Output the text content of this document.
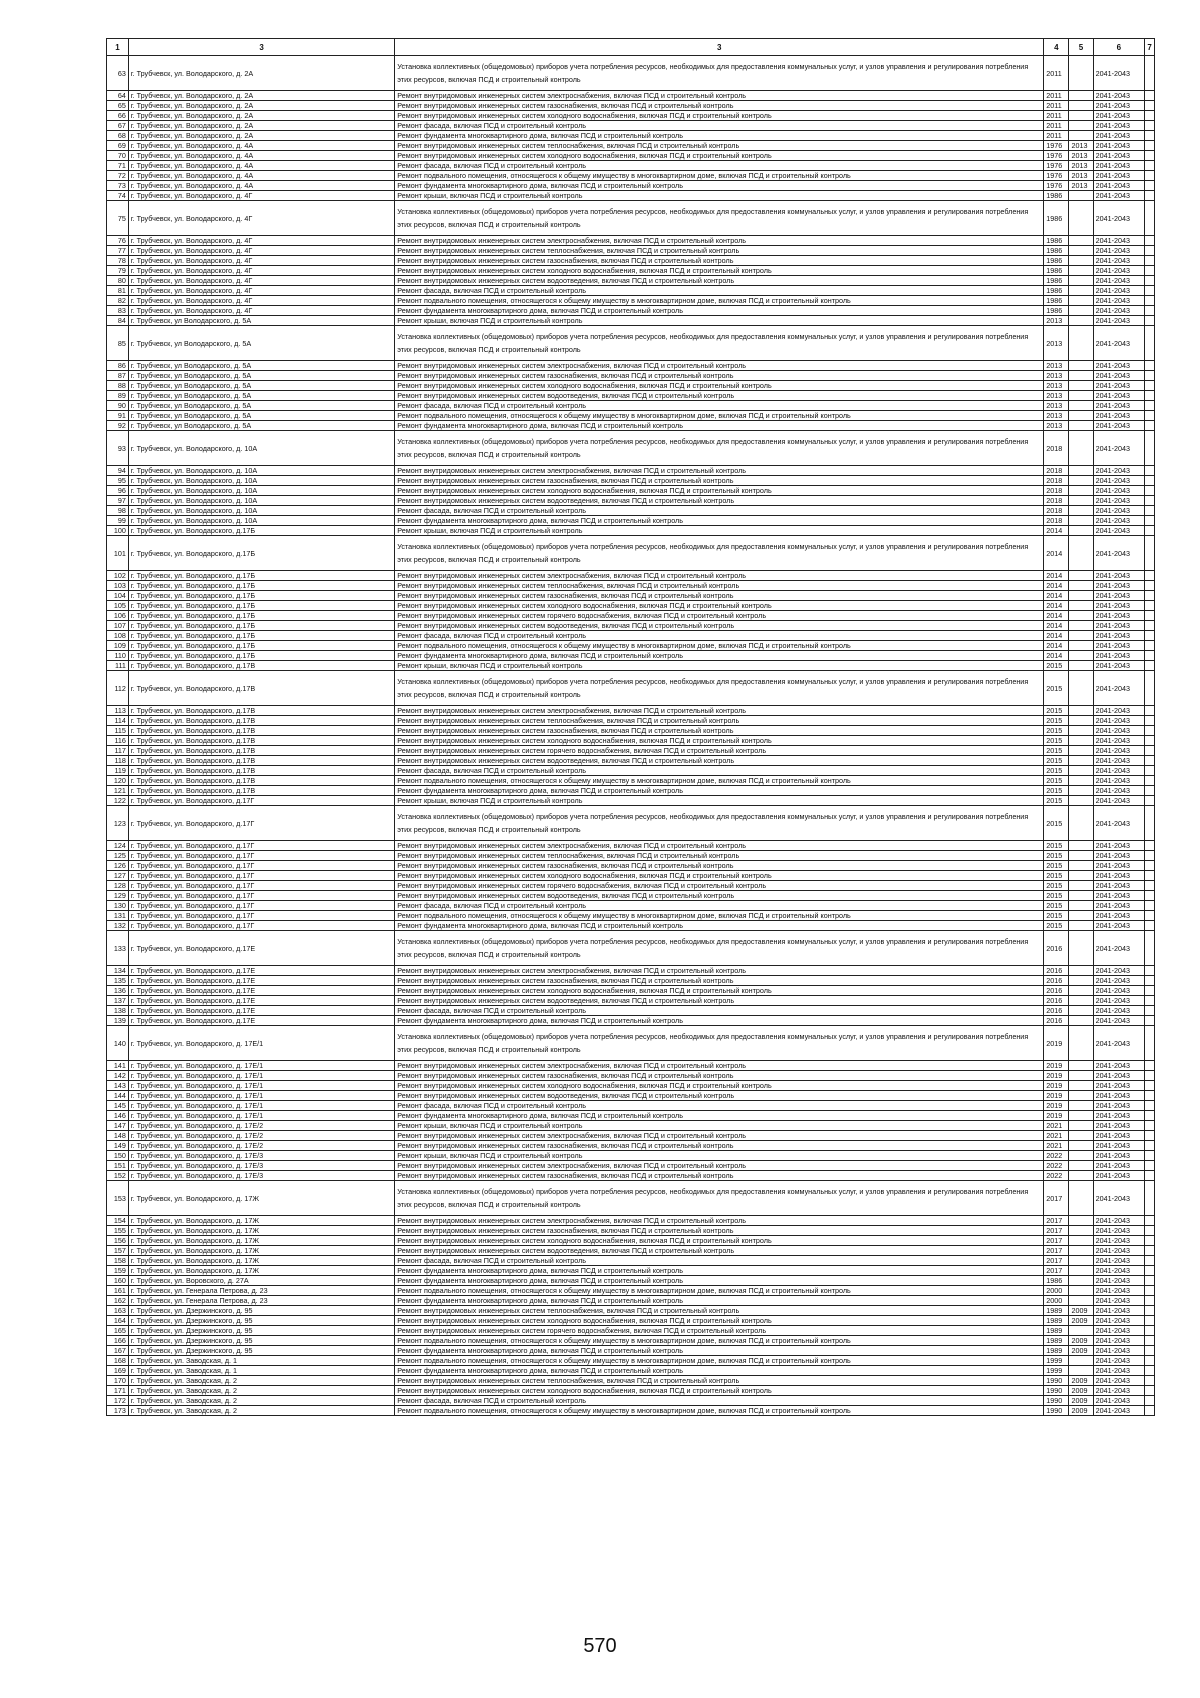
1	3	3	4	5	6	7
63	г. Трубчевск, ул. Володарского, д. 2А	Установка коллективных (общедомовых) приборов учета потребления ресурсов, необходимых для предоставления коммунальных услуг, и узлов управления и регулирования потребления этих ресурсов, включая ПСД и строительный контроль	2011		2041-2043	
64	г. Трубчевск, ул. Володарского, д. 2А	Ремонт внутридомовых инженерных систем электроснабжения, включая ПСД и строительный контроль	2011		2041-2043	
65	г. Трубчевск, ул. Володарского, д. 2А	Ремонт внутридомовых инженерных систем газоснабжения, включая ПСД и строительный контроль	2011		2041-2043	
66	г. Трубчевск, ул. Володарского, д. 2А	Ремонт внутридомовых инженерных систем холодного водоснабжения, включая ПСД и строительный контроль	2011		2041-2043	
67	г. Трубчевск, ул. Володарского, д. 2А	Ремонт фасада, включая ПСД и строительный контроль	2011		2041-2043	
68	г. Трубчевск, ул. Володарского, д. 2А	Ремонт фундамента многоквартирного дома, включая ПСД и строительный контроль	2011		2041-2043	
69	г. Трубчевск, ул. Володарского, д. 4А	Ремонт внутридомовых инженерных систем теплоснабжения, включая ПСД и строительный контроль	1976	2013	2041-2043	
70	г. Трубчевск, ул. Володарского, д. 4А	Ремонт внутридомовых инженерных систем холодного водоснабжения, включая ПСД и строительный контроль	1976	2013	2041-2043	
71	г. Трубчевск, ул. Володарского, д. 4А	Ремонт фасада, включая ПСД и строительный контроль	1976	2013	2041-2043	
72	г. Трубчевск, ул. Володарского, д. 4А	Ремонт подвального помещения, относящегося к общему имуществу в многоквартирном доме, включая ПСД и строительный контроль	1976	2013	2041-2043	
73	г. Трубчевск, ул. Володарского, д. 4А	Ремонт фундамента многоквартирного дома, включая ПСД и строительный контроль	1976	2013	2041-2043	
74	г. Трубчевск, ул. Володарского, д. 4Г	Ремонт крыши, включая ПСД и строительный контроль	1986		2041-2043	
75	г. Трубчевск, ул. Володарского, д. 4Г	Установка коллективных (общедомовых) приборов учета потребления ресурсов, необходимых для предоставления коммунальных услуг, и узлов управления и регулирования потребления этих ресурсов, включая ПСД и строительный контроль	1986		2041-2043	
76	г. Трубчевск, ул. Володарского, д. 4Г	Ремонт внутридомовых инженерных систем электроснабжения, включая ПСД и строительный контроль	1986		2041-2043	
77	г. Трубчевск, ул. Володарского, д. 4Г	Ремонт внутридомовых инженерных систем теплоснабжения, включая ПСД и строительный контроль	1986		2041-2043	
78	г. Трубчевск, ул. Володарского, д. 4Г	Ремонт внутридомовых инженерных систем газоснабжения, включая ПСД и строительный контроль	1986		2041-2043	
79	г. Трубчевск, ул. Володарского, д. 4Г	Ремонт внутридомовых инженерных систем холодного водоснабжения, включая ПСД и строительный контроль	1986		2041-2043	
80	г. Трубчевск, ул. Володарского, д. 4Г	Ремонт внутридомовых инженерных систем водоотведения, включая ПСД и строительный контроль	1986		2041-2043	
81	г. Трубчевск, ул. Володарского, д. 4Г	Ремонт фасада, включая ПСД и строительный контроль	1986		2041-2043	
82	г. Трубчевск, ул. Володарского, д. 4Г	Ремонт подвального помещения, относящегося к общему имуществу в многоквартирном доме, включая ПСД и строительный контроль	1986		2041-2043	
83	г. Трубчевск, ул. Володарского, д. 4Г	Ремонт фундамента многоквартирного дома, включая ПСД и строительный контроль	1986		2041-2043	
84	г. Трубчевск, ул Володарского, д. 5А	Ремонт крыши, включая ПСД и строительный контроль	2013		2041-2043	
85	г. Трубчевск, ул Володарского, д. 5А	Установка коллективных (общедомовых) приборов учета потребления ресурсов, необходимых для предоставления коммунальных услуг, и узлов управления и регулирования потребления этих ресурсов, включая ПСД и строительный контроль	2013		2041-2043	
86	г. Трубчевск, ул Володарского, д. 5А	Ремонт внутридомовых инженерных систем электроснабжения, включая ПСД и строительный контроль	2013		2041-2043	
87	г. Трубчевск, ул Володарского, д. 5А	Ремонт внутридомовых инженерных систем газоснабжения, включая ПСД и строительный контроль	2013		2041-2043	
88	г. Трубчевск, ул Володарского, д. 5А	Ремонт внутридомовых инженерных систем холодного водоснабжения, включая ПСД и строительный контроль	2013		2041-2043	
89	г. Трубчевск, ул Володарского, д. 5А	Ремонт внутридомовых инженерных систем водоотведения, включая ПСД и строительный контроль	2013		2041-2043	
90	г. Трубчевск, ул Володарского, д. 5А	Ремонт фасада, включая ПСД и строительный контроль	2013		2041-2043	
91	г. Трубчевск, ул Володарского, д. 5А	Ремонт подвального помещения, относящегося к общему имуществу в многоквартирном доме, включая ПСД и строительный контроль	2013		2041-2043	
92	г. Трубчевск, ул Володарского, д. 5А	Ремонт фундамента многоквартирного дома, включая ПСД и строительный контроль	2013		2041-2043	
93	г. Трубчевск, ул. Володарского, д. 10А	Установка коллективных (общедомовых) приборов учета потребления ресурсов, необходимых для предоставления коммунальных услуг, и узлов управления и регулирования потребления этих ресурсов, включая ПСД и строительный контроль	2018		2041-2043	
94	г. Трубчевск, ул. Володарского, д. 10А	Ремонт внутридомовых инженерных систем электроснабжения, включая ПСД и строительный контроль	2018		2041-2043	
95	г. Трубчевск, ул. Володарского, д. 10А	Ремонт внутридомовых инженерных систем газоснабжения, включая ПСД и строительный контроль	2018		2041-2043	
96	г. Трубчевск, ул. Володарского, д. 10А	Ремонт внутридомовых инженерных систем холодного водоснабжения, включая ПСД и строительный контроль	2018		2041-2043	
97	г. Трубчевск, ул. Володарского, д. 10А	Ремонт внутридомовых инженерных систем водоотведения, включая ПСД и строительный контроль	2018		2041-2043	
98	г. Трубчевск, ул. Володарского, д. 10А	Ремонт фасада, включая ПСД и строительный контроль	2018		2041-2043	
99	г. Трубчевск, ул. Володарского, д. 10А	Ремонт фундамента многоквартирного дома, включая ПСД и строительный контроль	2018		2041-2043	
100	г. Трубчевск, ул. Володарского, д.17Б	Ремонт крыши, включая ПСД и строительный контроль	2014		2041-2043	
101	г. Трубчевск, ул. Володарского, д.17Б	Установка коллективных (общедомовых) приборов учета потребления ресурсов, необходимых для предоставления коммунальных услуг, и узлов управления и регулирования потребления этих ресурсов, включая ПСД и строительный контроль	2014		2041-2043	
102	г. Трубчевск, ул. Володарского, д.17Б	Ремонт внутридомовых инженерных систем электроснабжения, включая ПСД и строительный контроль	2014		2041-2043	
103	г. Трубчевск, ул. Володарского, д.17Б	Ремонт внутридомовых инженерных систем теплоснабжения, включая ПСД и строительный контроль	2014		2041-2043	
104	г. Трубчевск, ул. Володарского, д.17Б	Ремонт внутридомовых инженерных систем газоснабжения, включая ПСД и строительный контроль	2014		2041-2043	
105	г. Трубчевск, ул. Володарского, д.17Б	Ремонт внутридомовых инженерных систем холодного водоснабжения, включая ПСД и строительный контроль	2014		2041-2043	
106	г. Трубчевск, ул. Володарского, д.17Б	Ремонт внутридомовых инженерных систем горячего водоснабжения, включая ПСД и строительный контроль	2014		2041-2043	
107	г. Трубчевск, ул. Володарского, д.17Б	Ремонт внутридомовых инженерных систем водоотведения, включая ПСД и строительный контроль	2014		2041-2043	
108	г. Трубчевск, ул. Володарского, д.17Б	Ремонт фасада, включая ПСД и строительный контроль	2014		2041-2043	
109	г. Трубчевск, ул. Володарского, д.17Б	Ремонт подвального помещения, относящегося к общему имуществу в многоквартирном доме, включая ПСД и строительный контроль	2014		2041-2043	
110	г. Трубчевск, ул. Володарского, д.17Б	Ремонт фундамента многоквартирного дома, включая ПСД и строительный контроль	2014		2041-2043	
111	г. Трубчевск, ул. Володарского, д.17В	Ремонт крыши, включая ПСД и строительный контроль	2015		2041-2043	
112	г. Трубчевск, ул. Володарского, д.17В	Установка коллективных (общедомовых) приборов учета потребления ресурсов, необходимых для предоставления коммунальных услуг, и узлов управления и регулирования потребления этих ресурсов, включая ПСД и строительный контроль	2015		2041-2043	
113	г. Трубчевск, ул. Володарского, д.17В	Ремонт внутридомовых инженерных систем электроснабжения, включая ПСД и строительный контроль	2015		2041-2043	
114	г. Трубчевск, ул. Володарского, д.17В	Ремонт внутридомовых инженерных систем теплоснабжения, включая ПСД и строительный контроль	2015		2041-2043	
115	г. Трубчевск, ул. Володарского, д.17В	Ремонт внутридомовых инженерных систем газоснабжения, включая ПСД и строительный контроль	2015		2041-2043	
116	г. Трубчевск, ул. Володарского, д.17В	Ремонт внутридомовых инженерных систем холодного водоснабжения, включая ПСД и строительный контроль	2015		2041-2043	
117	г. Трубчевск, ул. Володарского, д.17В	Ремонт внутридомовых инженерных систем горячего водоснабжения, включая ПСД и строительный контроль	2015		2041-2043	
118	г. Трубчевск, ул. Володарского, д.17В	Ремонт внутридомовых инженерных систем водоотведения, включая ПСД и строительный контроль	2015		2041-2043	
119	г. Трубчевск, ул. Володарского, д.17В	Ремонт фасада, включая ПСД и строительный контроль	2015		2041-2043	
120	г. Трубчевск, ул. Володарского, д.17В	Ремонт подвального помещения, относящегося к общему имуществу в многоквартирном доме, включая ПСД и строительный контроль	2015		2041-2043	
121	г. Трубчевск, ул. Володарского, д.17В	Ремонт фундамента многоквартирного дома, включая ПСД и строительный контроль	2015		2041-2043	
122	г. Трубчевск, ул. Володарского, д.17Г	Ремонт крыши, включая ПСД и строительный контроль	2015		2041-2043	
123	г. Трубчевск, ул. Володарского, д.17Г	Установка коллективных (общедомовых) приборов учета потребления ресурсов, необходимых для предоставления коммунальных услуг, и узлов управления и регулирования потребления этих ресурсов, включая ПСД и строительный контроль	2015		2041-2043	
124	г. Трубчевск, ул. Володарского, д.17Г	Ремонт внутридомовых инженерных систем электроснабжения, включая ПСД и строительный контроль	2015		2041-2043	
125	г. Трубчевск, ул. Володарского, д.17Г	Ремонт внутридомовых инженерных систем теплоснабжения, включая ПСД и строительный контроль	2015		2041-2043	
126	г. Трубчевск, ул. Володарского, д.17Г	Ремонт внутридомовых инженерных систем газоснабжения, включая ПСД и строительный контроль	2015		2041-2043	
127	г. Трубчевск, ул. Володарского, д.17Г	Ремонт внутридомовых инженерных систем холодного водоснабжения, включая ПСД и строительный контроль	2015		2041-2043	
128	г. Трубчевск, ул. Володарского, д.17Г	Ремонт внутридомовых инженерных систем горячего водоснабжения, включая ПСД и строительный контроль	2015		2041-2043	
129	г. Трубчевск, ул. Володарского, д.17Г	Ремонт внутридомовых инженерных систем водоотведения, включая ПСД и строительный контроль	2015		2041-2043	
130	г. Трубчевск, ул. Володарского, д.17Г	Ремонт фасада, включая ПСД и строительный контроль	2015		2041-2043	
131	г. Трубчевск, ул. Володарского, д.17Г	Ремонт подвального помещения, относящегося к общему имуществу в многоквартирном доме, включая ПСД и строительный контроль	2015		2041-2043	
132	г. Трубчевск, ул. Володарского, д.17Г	Ремонт фундамента многоквартирного дома, включая ПСД и строительный контроль	2015		2041-2043	
133	г. Трубчевск, ул. Володарского, д.17Е	Установка коллективных (общедомовых) приборов учета потребления ресурсов, необходимых для предоставления коммунальных услуг, и узлов управления и регулирования потребления этих ресурсов, включая ПСД и строительный контроль	2016		2041-2043	
134	г. Трубчевск, ул. Володарского, д.17Е	Ремонт внутридомовых инженерных систем электроснабжения, включая ПСД и строительный контроль	2016		2041-2043	
135	г. Трубчевск, ул. Володарского, д.17Е	Ремонт внутридомовых инженерных систем газоснабжения, включая ПСД и строительный контроль	2016		2041-2043	
136	г. Трубчевск, ул. Володарского, д.17Е	Ремонт внутридомовых инженерных систем холодного водоснабжения, включая ПСД и строительный контроль	2016		2041-2043	
137	г. Трубчевск, ул. Володарского, д.17Е	Ремонт внутридомовых инженерных систем водоотведения, включая ПСД и строительный контроль	2016		2041-2043	
138	г. Трубчевск, ул. Володарского, д.17Е	Ремонт фасада, включая ПСД и строительный контроль	2016		2041-2043	
139	г. Трубчевск, ул. Володарского, д.17Е	Ремонт фундамента многоквартирного дома, включая ПСД и строительный контроль	2016		2041-2043	
140	г. Трубчевск, ул. Володарского, д. 17Е/1	Установка коллективных (общедомовых) приборов учета потребления ресурсов, необходимых для предоставления коммунальных услуг, и узлов управления и регулирования потребления этих ресурсов, включая ПСД и строительный контроль	2019		2041-2043	
141	г. Трубчевск, ул. Володарского, д. 17Е/1	Ремонт внутридомовых инженерных систем электроснабжения, включая ПСД и строительный контроль	2019		2041-2043	
142	г. Трубчевск, ул. Володарского, д. 17Е/1	Ремонт внутридомовых инженерных систем газоснабжения, включая ПСД и строительный контроль	2019		2041-2043	
143	г. Трубчевск, ул. Володарского, д. 17Е/1	Ремонт внутридомовых инженерных систем холодного водоснабжения, включая ПСД и строительный контроль	2019		2041-2043	
144	г. Трубчевск, ул. Володарского, д. 17Е/1	Ремонт внутридомовых инженерных систем водоотведения, включая ПСД и строительный контроль	2019		2041-2043	
145	г. Трубчевск, ул. Володарского, д. 17Е/1	Ремонт фасада, включая ПСД и строительный контроль	2019		2041-2043	
146	г. Трубчевск, ул. Володарского, д. 17Е/1	Ремонт фундамента многоквартирного дома, включая ПСД и строительный контроль	2019		2041-2043	
147	г. Трубчевск, ул. Володарского, д. 17Е/2	Ремонт крыши, включая ПСД и строительный контроль	2021		2041-2043	
148	г. Трубчевск, ул. Володарского, д. 17Е/2	Ремонт внутридомовых инженерных систем электроснабжения, включая ПСД и строительный контроль	2021		2041-2043	
149	г. Трубчевск, ул. Володарского, д. 17Е/2	Ремонт внутридомовых инженерных систем газоснабжения, включая ПСД и строительный контроль	2021		2041-2043	
150	г. Трубчевск, ул. Володарского, д. 17Е/3	Ремонт крыши, включая ПСД и строительный контроль	2022		2041-2043	
151	г. Трубчевск, ул. Володарского, д. 17Е/3	Ремонт внутридомовых инженерных систем электроснабжения, включая ПСД и строительный контроль	2022		2041-2043	
152	г. Трубчевск, ул. Володарского, д. 17Е/3	Ремонт внутридомовых инженерных систем газоснабжения, включая ПСД и строительный контроль	2022		2041-2043	
153	г. Трубчевск, ул. Володарского, д. 17Ж	Установка коллективных (общедомовых) приборов учета потребления ресурсов, необходимых для предоставления коммунальных услуг, и узлов управления и регулирования потребления этих ресурсов, включая ПСД и строительный контроль	2017		2041-2043	
154	г. Трубчевск, ул. Володарского, д. 17Ж	Ремонт внутридомовых инженерных систем электроснабжения, включая ПСД и строительный контроль	2017		2041-2043	
155	г. Трубчевск, ул. Володарского, д. 17Ж	Ремонт внутридомовых инженерных систем газоснабжения, включая ПСД и строительный контроль	2017		2041-2043	
156	г. Трубчевск, ул. Володарского, д. 17Ж	Ремонт внутридомовых инженерных систем холодного водоснабжения, включая ПСД и строительный контроль	2017		2041-2043	
157	г. Трубчевск, ул. Володарского, д. 17Ж	Ремонт внутридомовых инженерных систем водоотведения, включая ПСД и строительный контроль	2017		2041-2043	
158	г. Трубчевск, ул. Володарского, д. 17Ж	Ремонт фасада, включая ПСД и строительный контроль	2017		2041-2043	
159	г. Трубчевск, ул. Володарского, д. 17Ж	Ремонт фундамента многоквартирного дома, включая ПСД и строительный контроль	2017		2041-2043	
160	г. Трубчевск, ул. Воровского, д. 27А	Ремонт фундамента многоквартирного дома, включая ПСД и строительный контроль	1986		2041-2043	
161	г. Трубчевск, ул. Генерала Петрова, д. 23	Ремонт подвального помещения, относящегося к общему имуществу в многоквартирном доме, включая ПСД и строительный контроль	2000		2041-2043	
162	г. Трубчевск, ул. Генерала Петрова, д. 23	Ремонт фундамента многоквартирного дома, включая ПСД и строительный контроль	2000		2041-2043	
163	г. Трубчевск, ул. Дзержинского, д. 95	Ремонт внутридомовых инженерных систем теплоснабжения, включая ПСД и строительный контроль	1989	2009	2041-2043	
164	г. Трубчевск, ул. Дзержинского, д. 95	Ремонт внутридомовых инженерных систем холодного водоснабжения, включая ПСД и строительный контроль	1989	2009	2041-2043	
165	г. Трубчевск, ул. Дзержинского, д. 95	Ремонт внутридомовых инженерных систем горячего водоснабжения, включая ПСД и строительный контроль	1989		2041-2043	
166	г. Трубчевск, ул. Дзержинского, д. 95	Ремонт подвального помещения, относящегося к общему имуществу в многоквартирном доме, включая ПСД и строительный контроль	1989	2009	2041-2043	
167	г. Трубчевск, ул. Дзержинского, д. 95	Ремонт фундамента многоквартирного дома, включая ПСД и строительный контроль	1989	2009	2041-2043	
168	г. Трубчевск, ул. Заводская, д. 1	Ремонт подвального помещения, относящегося к общему имуществу в многоквартирном доме, включая ПСД и строительный контроль	1999		2041-2043	
169	г. Трубчевск, ул. Заводская, д. 1	Ремонт фундамента многоквартирного дома, включая ПСД и строительный контроль	1999		2041-2043	
170	г. Трубчевск, ул. Заводская, д. 2	Ремонт внутридомовых инженерных систем теплоснабжения, включая ПСД и строительный контроль	1990	2009	2041-2043	
171	г. Трубчевск, ул. Заводская, д. 2	Ремонт внутридомовых инженерных систем холодного водоснабжения, включая ПСД и строительный контроль	1990	2009	2041-2043	
172	г. Трубчевск, ул. Заводская, д. 2	Ремонт фасада, включая ПСД и строительный контроль	1990	2009	2041-2043	
173	г. Трубчевск, ул. Заводская, д. 2	Ремонт подвального помещения, относящегося к общему имуществу в многоквартирном доме, включая ПСД и строительный контроль	1990	2009	2041-2043	
570
